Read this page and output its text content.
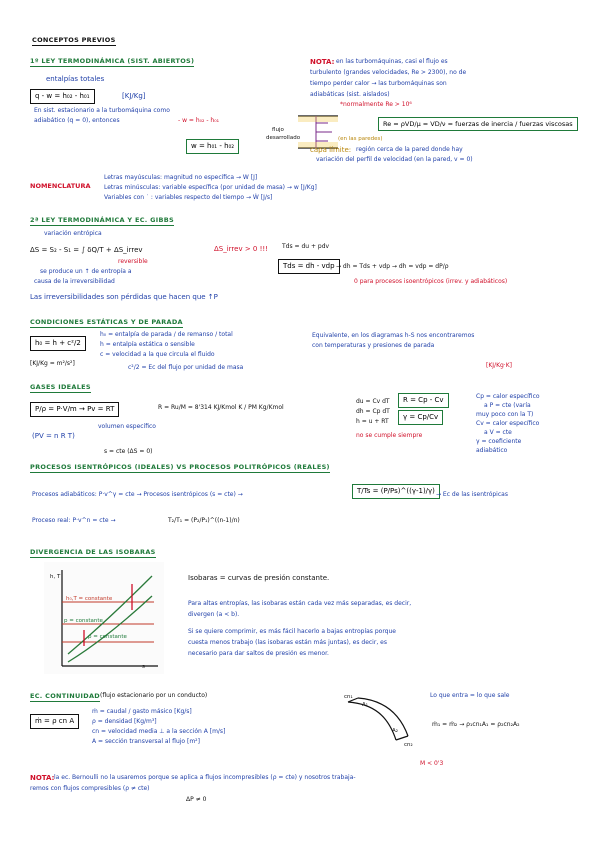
CONCEPTOS PREVIOS
1º LEY TERMODINÁMICA (SIST. ABIERTOS)
entalpías totales
q - w = h₀₂ - h₀₁	[KJ/Kg]
En sist. estacionario a la turbomáquina como
adiabático (q = 0), entonces	- w = h₀₂ - h₀₁
w = h₀₁ - h₀₂
NOTA: en las turbomáquinas, casi el flujo es
turbulento (grandes velocidades, Re > 2300), no de
tiempo perder calor → las turbomáquinas son
adiabáticas (sist. aislados)
*normalmente Re > 10⁶
flujo
desarrollado
Re = ρVD/μ = VD/ν = fuerzas de inercia / fuerzas viscosas
capa límite:
(en las paredes)
región cerca de la pared donde hay
variación del perfil de velocidad (en la pared, v = 0)
NOMENCLATURA
Letras mayúsculas: magnitud no específica → W [J]
Letras minúsculas: variable específica (por unidad de masa) → w [J/Kg]
Variables con ˙ : variables respecto del tiempo → Ẇ [J/s]
2ª LEY TERMODINÁMICA Y EC. GIBBS
variación entrópica
ΔS = S₂ - S₁ = ∫ δQ/T + ΔS_irrev
reversible
se produce un ↑ de entropía a
causa de la irreversibilidad
ΔS_irrev > 0 !!! Tds = du + pdv
Tds = dh - vdp → dh = Tds + vdp → dh = vdp = dP/ρ
0 para procesos isoentrópicos (irrev. y adiabáticos)
Las irreversibilidades son pérdidas que hacen que ↑P
CONDICIONES ESTÁTICAS Y DE PARADA
h₀ = h + c²/2
h₀ = entalpía de parada / de remanso / total
h = entalpía estática o sensible
c = velocidad a la que circula el fluido
c²/2 = Ec del flujo por unidad de masa
[KJ/Kg = m²/s²]
Equivalente, en los diagramas h-S nos encontraremos
con temperaturas y presiones de parada
GASES IDEALES
P/ρ = P·V/m → Pv = RT	R = Ru/M = 8'314 KJ/Kmol K / PM Kg/Kmol
(PV = n R T)
volumen específico
du = Cv dT
dh = Cp dT
h = u + RT
R = Cp - Cv
γ = Cp/Cv
no se cumple siempre
[KJ/Kg·K]
Cp = calor específico
a P = cte (varía
muy poco con la T)
Cv = calor específico
a V = cte
γ = coeficiente
adiabático
s = cte (ΔS = 0)
PROCESOS ISENTRÓPICOS (IDEALES) VS PROCESOS POLITRÓPICOS (REALES)
Procesos adiabáticos: P·v^γ = cte → Procesos isentrópicos (s = cte) →	T/Ts = (P/Ps)^((γ-1)/γ) → Ec de las isentrópicas
Proceso real: P·v^n = cte →	T₂/T₁ = (P₂/P₁)^((n-1)/n)
DIVERGENCIA DE LAS ISOBARAS
h, T
s
h₀,T = constante
p = constante
p = constante
Isobaras = curvas de presión constante.
Para altas entropías, las isobaras están cada vez más separadas, es decir,
divergen (a < b).
Si se quiere comprimir, es más fácil hacerlo a bajas entropías porque
cuesta menos trabajo (las isobaras están más juntas), es decir, es
necesario para dar saltos de presión es menor.
EC. CONTINUIDAD (flujo estacionario por un conducto)
ṁ = ρ cn A
ṁ = caudal / gasto másico [Kg/s]
ρ = densidad [Kg/m³]
cn = velocidad media ⊥ a la sección A [m/s]
A = sección transversal al flujo [m²]
cn₁
A₁
A₂
cn₂
Lo que entra = lo que sale
ṁ₁ = ṁ₂ → ρ₁cn₁A₁ = ρ₂cn₂A₂
M < 0'3
NOTA: la ec. Bernoulli no la usaremos porque se aplica a flujos incompresibles (ρ = cte) y nosotros trabaja-
remos con flujos compresibles (ρ ≠ cte)
ΔP ≠ 0
